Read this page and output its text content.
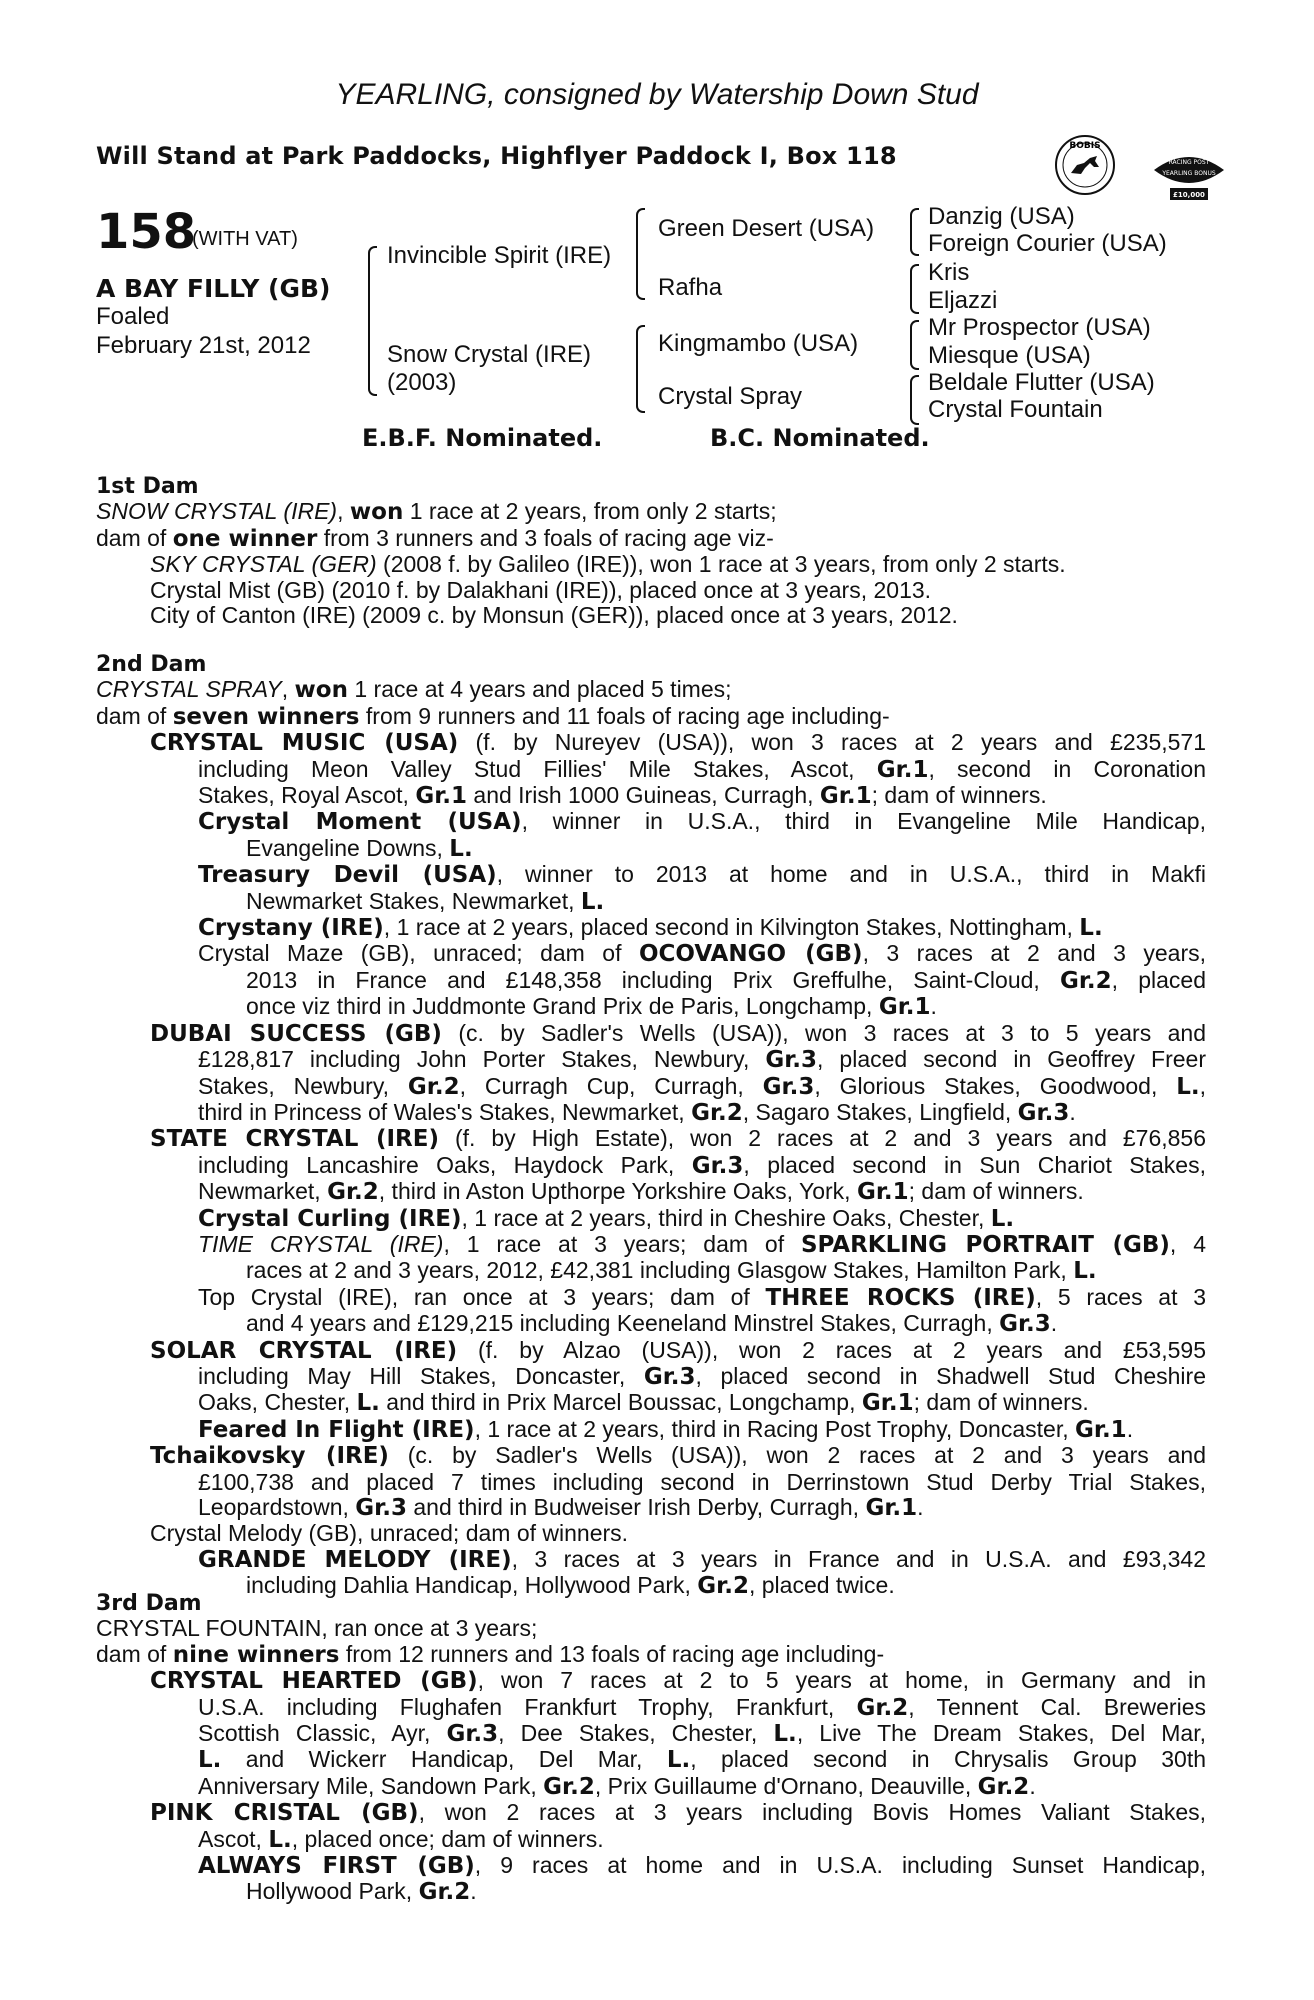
YEARLING, consigned by Watership Down Stud
Will Stand at Park Paddocks, Highflyer Paddock I, Box 118	BOBIS
RACING POST
YEARLING BONUS
£10,000
158
(WITH VAT)
A BAY FILLY (GB)
Foaled
February 21st, 2012
Invincible Spirit (IRE)
Snow Crystal (IRE)
(2003)
Green Desert (USA)
Rafha
Kingmambo (USA)
Crystal Spray
Danzig (USA)
Foreign Courier (USA)
Kris
Eljazzi
Mr Prospector (USA)
Miesque (USA)
Beldale Flutter (USA)
Crystal Fountain
E.B.F. Nominated.	B.C. Nominated.
1st Dam
SNOW CRYSTAL (IRE), won 1 race at 2 years, from only 2 starts;
dam of one winner from 3 runners and 3 foals of racing age viz-
SKY CRYSTAL (GER) (2008 f. by Galileo (IRE)), won 1 race at 3 years, from only 2 starts.
Crystal Mist (GB) (2010 f. by Dalakhani (IRE)), placed once at 3 years, 2013.
City of Canton (IRE) (2009 c. by Monsun (GER)), placed once at 3 years, 2012.
2nd Dam
CRYSTAL SPRAY, won 1 race at 4 years and placed 5 times;
dam of seven winners from 9 runners and 11 foals of racing age including-
CRYSTAL MUSIC (USA) (f. by Nureyev (USA)), won 3 races at 2 years and £235,571
including Meon Valley Stud Fillies' Mile Stakes, Ascot, Gr.1, second in Coronation
Stakes, Royal Ascot, Gr.1 and Irish 1000 Guineas, Curragh, Gr.1; dam of winners.
Crystal Moment (USA), winner in U.S.A., third in Evangeline Mile Handicap,
Evangeline Downs, L.
Treasury Devil (USA), winner to 2013 at home and in U.S.A., third in Makfi
Newmarket Stakes, Newmarket, L.
Crystany (IRE), 1 race at 2 years, placed second in Kilvington Stakes, Nottingham, L.
Crystal Maze (GB), unraced; dam of OCOVANGO (GB), 3 races at 2 and 3 years,
2013 in France and £148,358 including Prix Greffulhe, Saint-Cloud, Gr.2, placed
once viz third in Juddmonte Grand Prix de Paris, Longchamp, Gr.1.
DUBAI SUCCESS (GB) (c. by Sadler's Wells (USA)), won 3 races at 3 to 5 years and
£128,817 including John Porter Stakes, Newbury, Gr.3, placed second in Geoffrey Freer
Stakes, Newbury, Gr.2, Curragh Cup, Curragh, Gr.3, Glorious Stakes, Goodwood, L.,
third in Princess of Wales's Stakes, Newmarket, Gr.2, Sagaro Stakes, Lingfield, Gr.3.
STATE CRYSTAL (IRE) (f. by High Estate), won 2 races at 2 and 3 years and £76,856
including Lancashire Oaks, Haydock Park, Gr.3, placed second in Sun Chariot Stakes,
Newmarket, Gr.2, third in Aston Upthorpe Yorkshire Oaks, York, Gr.1; dam of winners.
Crystal Curling (IRE), 1 race at 2 years, third in Cheshire Oaks, Chester, L.
TIME CRYSTAL (IRE), 1 race at 3 years; dam of SPARKLING PORTRAIT (GB), 4
races at 2 and 3 years, 2012, £42,381 including Glasgow Stakes, Hamilton Park, L.
Top Crystal (IRE), ran once at 3 years; dam of THREE ROCKS (IRE), 5 races at 3
and 4 years and £129,215 including Keeneland Minstrel Stakes, Curragh, Gr.3.
SOLAR CRYSTAL (IRE) (f. by Alzao (USA)), won 2 races at 2 years and £53,595
including May Hill Stakes, Doncaster, Gr.3, placed second in Shadwell Stud Cheshire
Oaks, Chester, L. and third in Prix Marcel Boussac, Longchamp, Gr.1; dam of winners.
Feared In Flight (IRE), 1 race at 2 years, third in Racing Post Trophy, Doncaster, Gr.1.
Tchaikovsky (IRE) (c. by Sadler's Wells (USA)), won 2 races at 2 and 3 years and
£100,738 and placed 7 times including second in Derrinstown Stud Derby Trial Stakes,
Leopardstown, Gr.3 and third in Budweiser Irish Derby, Curragh, Gr.1.
Crystal Melody (GB), unraced; dam of winners.
GRANDE MELODY (IRE), 3 races at 3 years in France and in U.S.A. and £93,342
including Dahlia Handicap, Hollywood Park, Gr.2, placed twice.
3rd Dam
CRYSTAL FOUNTAIN, ran once at 3 years;
dam of nine winners from 12 runners and 13 foals of racing age including-
CRYSTAL HEARTED (GB), won 7 races at 2 to 5 years at home, in Germany and in
U.S.A. including Flughafen Frankfurt Trophy, Frankfurt, Gr.2, Tennent Cal. Breweries
Scottish Classic, Ayr, Gr.3, Dee Stakes, Chester, L., Live The Dream Stakes, Del Mar,
L. and Wickerr Handicap, Del Mar, L., placed second in Chrysalis Group 30th
Anniversary Mile, Sandown Park, Gr.2, Prix Guillaume d'Ornano, Deauville, Gr.2.
PINK CRISTAL (GB), won 2 races at 3 years including Bovis Homes Valiant Stakes,
Ascot, L., placed once; dam of winners.
ALWAYS FIRST (GB), 9 races at home and in U.S.A. including Sunset Handicap,
Hollywood Park, Gr.2.
